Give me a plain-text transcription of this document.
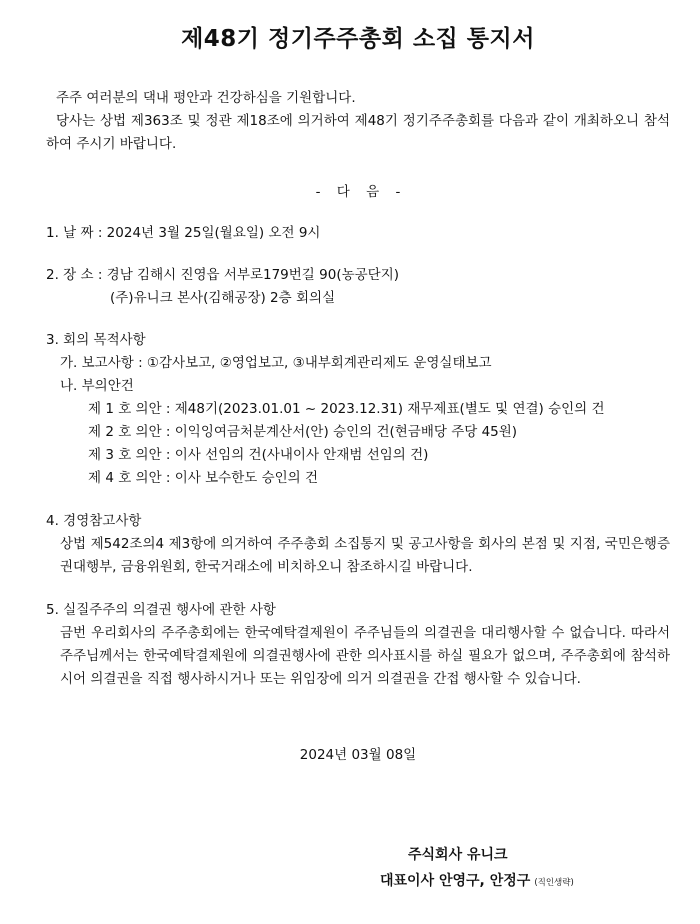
제48기 정기주주총회 소집 통지서

주주 여러분의 댁내 평안과 건강하심을 기원합니다.

당사는 상법 제363조 및 정관 제18조에 의거하여 제48기 정기주주총회를 다음과 같이 개최하오니 참석하여 주시기 바랍니다.

- 다 음 -
1. 날 짜 : 2024년 3월 25일(월요일) 오전 9시
2. 장 소 : 경남 김해시 진영읍 서부로179번길 90(농공단지)
(주)유니크 본사(김해공장) 2층 회의실
3. 회의 목적사항
가. 보고사항 : ①감사보고, ②영업보고, ③내부회계관리제도 운영실태보고
나. 부의안건
제 1 호 의안 : 제48기(2023.01.01 ~ 2023.12.31) 재무제표(별도 및 연결) 승인의 건
제 2 호 의안 : 이익잉여금처분계산서(안) 승인의 건(현금배당 주당 45원)
제 3 호 의안 : 이사 선임의 건(사내이사 안재범 선임의 건)
제 4 호 의안 : 이사 보수한도 승인의 건
4. 경영참고사항
상법 제542조의4 제3항에 의거하여 주주총회 소집통지 및 공고사항을 회사의 본점 및 지점, 국민은행증권대행부, 금융위원회, 한국거래소에 비치하오니 참조하시길 바랍니다.
5. 실질주주의 의결권 행사에 관한 사항
금번 우리회사의 주주총회에는 한국예탁결제원이 주주님들의 의결권을 대리행사할 수 없습니다. 따라서 주주님께서는 한국예탁결제원에 의결권행사에 관한 의사표시를 하실 필요가 없으며, 주주총회에 참석하시어 의결권을 직접 행사하시거나 또는 위임장에 의거 의결권을 간접 행사할 수 있습니다.
2024년 03월 08일
주식회사 유니크
대표이사 안영구, 안정구 (직인생략)
